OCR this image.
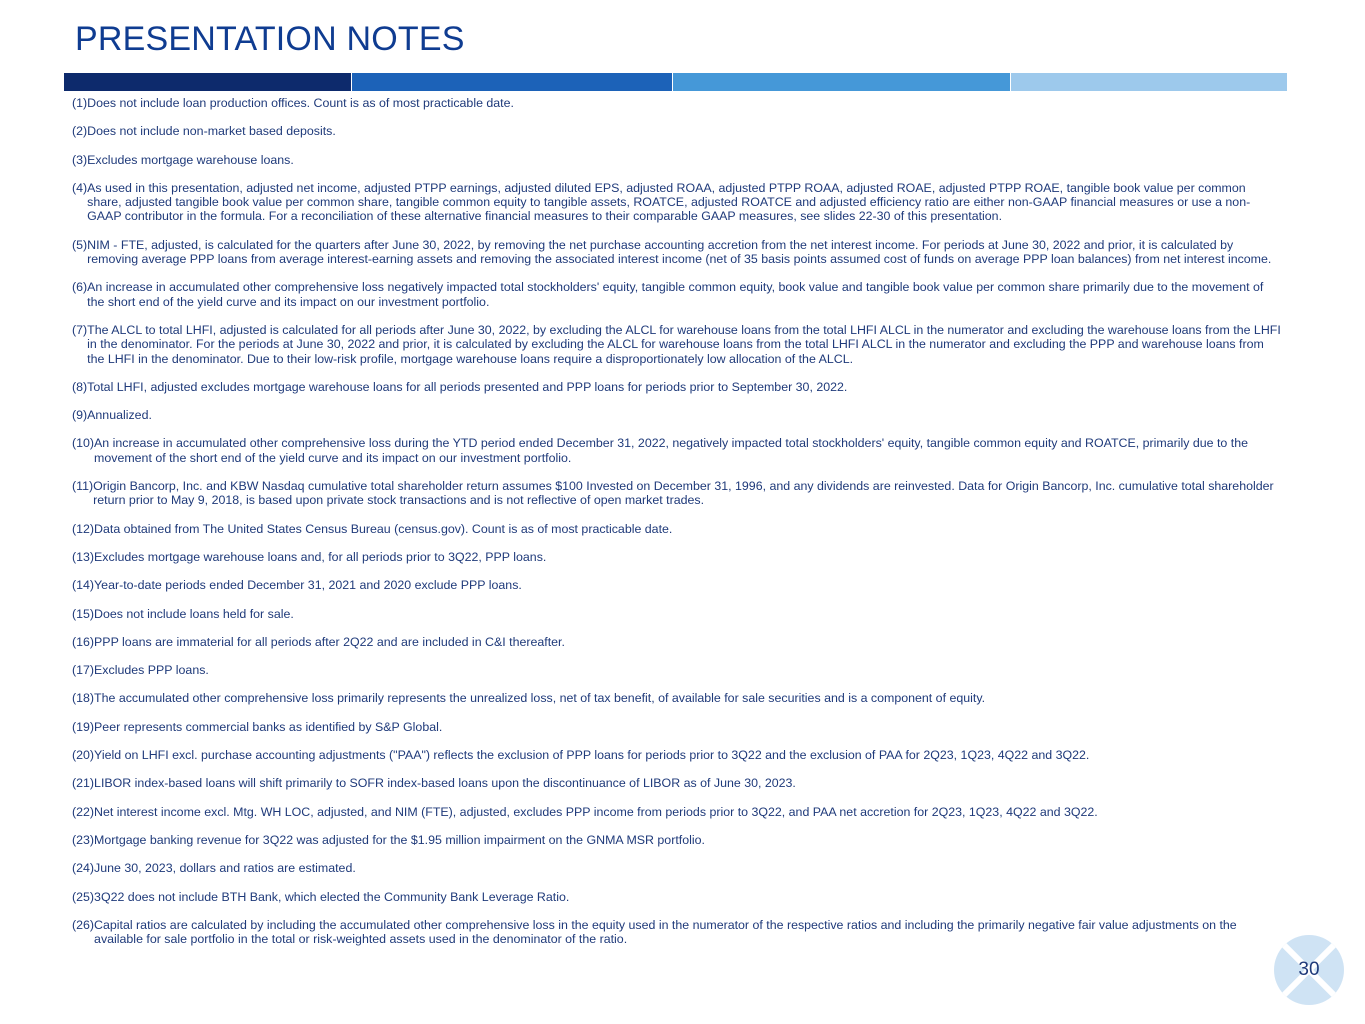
PRESENTATION NOTES
(1) Does not include loan production offices. Count is as of most practicable date.
(2) Does not include non-market based deposits.
(3) Excludes mortgage warehouse loans.
(4) As used in this presentation, adjusted net income, adjusted PTPP earnings, adjusted diluted EPS, adjusted ROAA, adjusted PTPP ROAA, adjusted ROAE, adjusted PTPP ROAE, tangible book value per common share, adjusted tangible book value per common share, tangible common equity to tangible assets, ROATCE, adjusted ROATCE and adjusted efficiency ratio are either non-GAAP financial measures or use a non-GAAP contributor in the formula. For a reconciliation of these alternative financial measures to their comparable GAAP measures, see slides 22-30 of this presentation.
(5) NIM - FTE, adjusted, is calculated for the quarters after June 30, 2022, by removing the net purchase accounting accretion from the net interest income. For periods at June 30, 2022 and prior, it is calculated by removing average PPP loans from average interest-earning assets and removing the associated interest income (net of 35 basis points assumed cost of funds on average PPP loan balances) from net interest income.
(6) An increase in accumulated other comprehensive loss negatively impacted total stockholders' equity, tangible common equity, book value and tangible book value per common share primarily due to the movement of the short end of the yield curve and its impact on our investment portfolio.
(7) The ALCL to total LHFI, adjusted is calculated for all periods after June 30, 2022, by excluding the ALCL for warehouse loans from the total LHFI ALCL in the numerator and excluding the warehouse loans from the LHFI in the denominator. For the periods at June 30, 2022 and prior, it is calculated by excluding the ALCL for warehouse loans from the total LHFI ALCL in the numerator and excluding the PPP and warehouse loans from the LHFI in the denominator. Due to their low-risk profile, mortgage warehouse loans require a disproportionately low allocation of the ALCL.
(8) Total LHFI, adjusted excludes mortgage warehouse loans for all periods presented and PPP loans for periods prior to September 30, 2022.
(9) Annualized.
(10) An increase in accumulated other comprehensive loss during the YTD period ended December 31, 2022, negatively impacted total stockholders' equity, tangible common equity and ROATCE, primarily due to the movement of the short end of the yield curve and its impact on our investment portfolio.
(11) Origin Bancorp, Inc. and KBW Nasdaq cumulative total shareholder return assumes $100 Invested on December 31, 1996, and any dividends are reinvested. Data for Origin Bancorp, Inc. cumulative total shareholder return prior to May 9, 2018, is based upon private stock transactions and is not reflective of open market trades.
(12) Data obtained from The United States Census Bureau (census.gov). Count is as of most practicable date.
(13) Excludes mortgage warehouse loans and, for all periods prior to 3Q22, PPP loans.
(14) Year-to-date periods ended December 31, 2021 and 2020 exclude PPP loans.
(15) Does not include loans held for sale.
(16) PPP loans are immaterial for all periods after 2Q22 and are included in C&I thereafter.
(17) Excludes PPP loans.
(18) The accumulated other comprehensive loss primarily represents the unrealized loss, net of tax benefit, of available for sale securities and is a component of equity.
(19) Peer represents commercial banks as identified by S&P Global.
(20) Yield on LHFI excl. purchase accounting adjustments ("PAA") reflects the exclusion of PPP loans for periods prior to 3Q22 and the exclusion of PAA for 2Q23, 1Q23, 4Q22 and 3Q22.
(21) LIBOR index-based loans will shift primarily to SOFR index-based loans upon the discontinuance of LIBOR as of June 30, 2023.
(22) Net interest income excl. Mtg. WH LOC, adjusted, and NIM (FTE), adjusted, excludes PPP income from periods prior to 3Q22, and PAA net accretion for 2Q23, 1Q23, 4Q22 and 3Q22.
(23) Mortgage banking revenue for 3Q22 was adjusted for the $1.95 million impairment on the GNMA MSR portfolio.
(24) June 30, 2023, dollars and ratios are estimated.
(25) 3Q22 does not include BTH Bank, which elected the Community Bank Leverage Ratio.
(26) Capital ratios are calculated by including the accumulated other comprehensive loss in the equity used in the numerator of the respective ratios and including the primarily negative fair value adjustments on the available for sale portfolio in the total or risk-weighted assets used in the denominator of the ratio.
30
